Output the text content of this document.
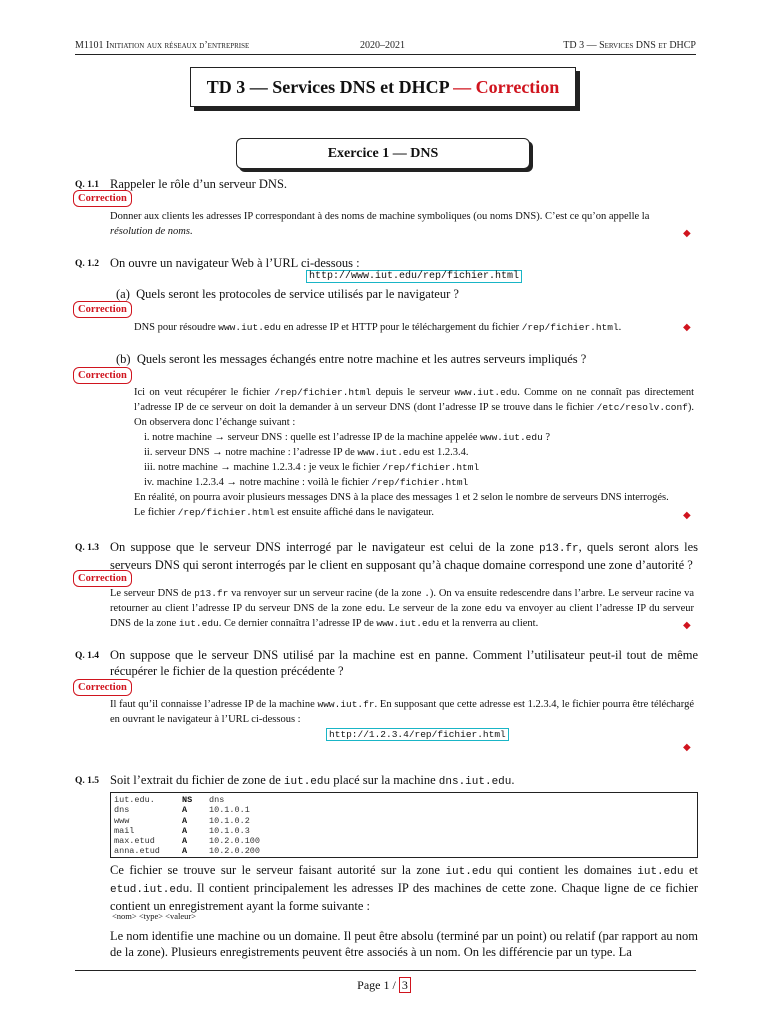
M1101 Initiation aux réseaux d’entreprise	2020–2021	TD 3 — Services DNS et DHCP
TD 3 — Services DNS et DHCP — Correction
Exercice 1 — DNS
Q. 1.1 Rappeler le rôle d’un serveur DNS.
Correction
Donner aux clients les adresses IP correspondant à des noms de machine symboliques (ou noms DNS). C’est ce qu’on appelle la résolution de noms.	◆
Q. 1.2 On ouvre un navigateur Web à l’URL ci-dessous :
http://www.iut.edu/rep/fichier.html
(a) Quels seront les protocoles de service utilisés par le navigateur ?
Correction
DNS pour résoudre www.iut.edu en adresse IP et HTTP pour le téléchargement du fichier /rep/fichier.html.	◆
(b) Quels seront les messages échangés entre notre machine et les autres serveurs impliqués ?
Correction

Ici on veut récupérer le fichier /rep/fichier.html depuis le serveur www.iut.edu. Comme on ne connaît pas directement l’adresse IP de ce serveur on doit la demander à un serveur DNS (dont l’adresse IP se trouve dans le fichier /etc/resolv.conf). On observera donc l’échange suivant :

i. notre machine → serveur DNS : quelle est l’adresse IP de la machine appelée www.iut.edu ?
ii. serveur DNS → notre machine : l’adresse IP de www.iut.edu est 1.2.3.4.
iii. notre machine → machine 1.2.3.4 : je veux le fichier /rep/fichier.html
iv. machine 1.2.3.4 → notre machine : voilà le fichier /rep/fichier.html

En réalité, on pourra avoir plusieurs messages DNS à la place des messages 1 et 2 selon le nombre de serveurs DNS interrogés.

Le fichier /rep/fichier.html est ensuite affiché dans le navigateur.	◆
Q. 1.3 On suppose que le serveur DNS interrogé par le navigateur est celui de la zone p13.fr, quels seront alors les serveurs DNS qui seront interrogés par le client en supposant qu’à chaque domaine correspond une zone d’autorité ?
Correction
Le serveur DNS de p13.fr va renvoyer sur un serveur racine (de la zone .). On va ensuite redescendre dans l’arbre. Le serveur racine va retourner au client l’adresse IP du serveur DNS de la zone edu. Le serveur de la zone edu va envoyer au client l’adresse IP du serveur DNS de la zone iut.edu. Ce dernier connaîtra l’adresse IP de www.iut.edu et la renverra au client.	◆
Q. 1.4 On suppose que le serveur DNS utilisé par la machine est en panne. Comment l’utilisateur peut-il tout de même récupérer le fichier de la question précédente ?
Correction
Il faut qu’il connaisse l’adresse IP de la machine www.iut.fr. En supposant que cette adresse est 1.2.3.4, le fichier pourra être téléchargé en ouvrant le navigateur à l’URL ci-dessous :
http://1.2.3.4/rep/fichier.html
◆
Q. 1.5 Soit l’extrait du fichier de zone de iut.edu placé sur la machine dns.iut.edu.
iut.edu.	NS	dns
dns	A	10.1.0.1
www	A	10.1.0.2
mail	A	10.1.0.3
max.etud	A	10.2.0.100
anna.etud	A	10.2.0.200
Ce fichier se trouve sur le serveur faisant autorité sur la zone iut.edu qui contient les domaines iut.edu et etud.iut.edu. Il contient principalement les adresses IP des machines de cette zone. Chaque ligne de ce fichier contient un enregistrement ayant la forme suivante :
<nom> <type> <valeur>
Le nom identifie une machine ou un domaine. Il peut être absolu (terminé par un point) ou relatif (par rapport au nom de la zone). Plusieurs enregistrements peuvent être associés à un nom. On les différencie par un type. La
Page 1 / 3
